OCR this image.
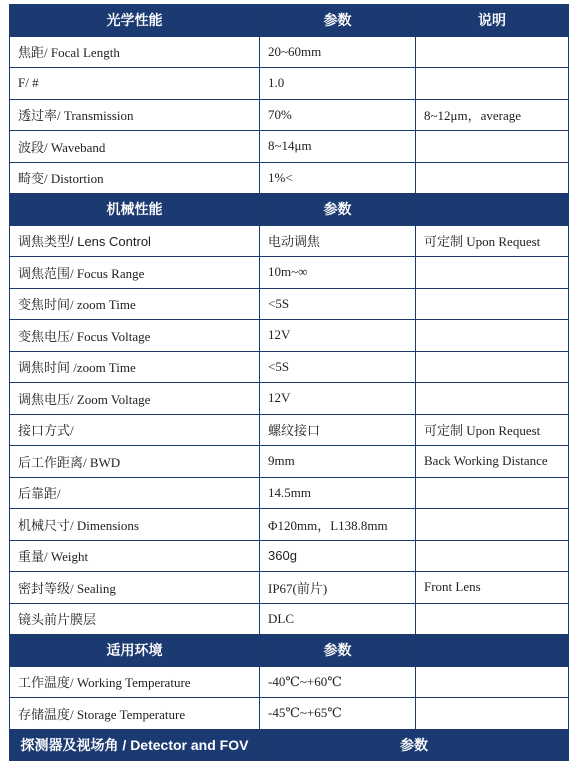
光学性能	参数	说明
焦距/ Focal Length	20~60mm	
F/ #	1.0	
透过率/ Transmission	70%	8~12μm，average
波段/ Waveband	8~14μm	
畸变/ Distortion	1%<	
机械性能	参数	
调焦类型/ Lens Control	电动调焦	可定制 Upon Request
调焦范围/ Focus Range	10m~∞	
变焦时间/ zoom Time	<5S	
变焦电压/ Focus Voltage	12V	
调焦时间 /zoom Time	<5S	
调焦电压/ Zoom Voltage	12V	
接口方式/	螺纹接口	可定制 Upon Request
后工作距离/ BWD	9mm	Back Working Distance
后靠距/	14.5mm	
机械尺寸/ Dimensions	Φ120mm，L138.8mm	
重量/ Weight	360g	
密封等级/ Sealing	IP67(前片)	Front Lens
镜头前片膜层	DLC	
适用环境	参数	
工作温度/ Working Temperature	-40℃~+60℃	
存储温度/ Storage Temperature	-45℃~+65℃	
探测器及视场角 / Detector and FOV	参数	
